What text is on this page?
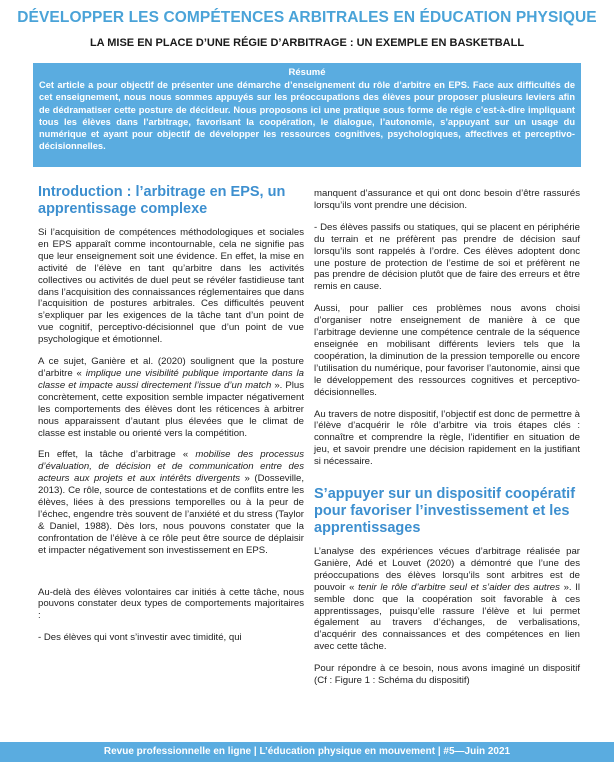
DÉVELOPPER LES COMPÉTENCES ARBITRALES EN ÉDUCATION PHYSIQUE
LA MISE EN PLACE D’UNE RÉGIE D’ARBITRAGE : UN EXEMPLE EN BASKETBALL
Résumé
Cet article a pour objectif de présenter une démarche d’enseignement du rôle d’arbitre en EPS. Face aux difficultés de cet enseignement, nous nous sommes appuyés sur les préoccupations des élèves pour proposer plusieurs leviers afin de dédramatiser cette posture de décideur. Nous proposons ici une pratique sous forme de régie c’est-à-dire impliquant tous les élèves dans l’arbitrage, favorisant la coopération, le dialogue, l’autonomie, s’appuyant sur un usage du numérique et ayant pour objectif de développer les ressources cognitives, psychologiques, affectives et perceptivo-décisionnelles.
Introduction : l’arbitrage en EPS, un apprentissage complexe

Si l’acquisition de compétences méthodologiques et sociales en EPS apparaît comme incontournable, cela ne signifie pas que leur enseignement soit une évidence. En effet, la mise en activité de l’élève en tant qu’arbitre dans les activités collectives ou activités de duel peut se révéler fastidieuse tant dans l’acquisition des connaissances réglementaires que dans l’acquisition de postures arbitrales. Ces difficultés peuvent s’expliquer par les exigences de la tâche tant d’un point de vue cognitif, perceptivo-décisionnel que d’un point de vue psychologique et émotionnel.

A ce sujet, Ganière et al. (2020) soulignent que la posture d’arbitre « implique une visibilité publique importante dans la classe et impacte aussi directement l’issue d’un match ». Plus concrètement, cette exposition semble impacter négativement les comportements des élèves dont les réticences à arbitrer nous apparaissent d’autant plus élevées que le climat de classe est instable ou orienté vers la compétition.

En effet, la tâche d’arbitrage « mobilise des processus d’évaluation, de décision et de communication entre des acteurs aux projets et aux intérêts divergents » (Dosseville, 2013). Ce rôle, source de contestations et de conflits entre les élèves, liées à des pressions temporelles ou à la peur de l’échec, engendre très souvent de l’anxiété et du stress (Taylor & Daniel, 1988). Dès lors, nous pouvons constater que la confrontation de l’élève à ce rôle peut être source de déplaisir et impacter négativement son investissement en EPS.

Au-delà des élèves volontaires car initiés à cette tâche, nous pouvons constater deux types de comportements majoritaires :

- Des élèves qui vont s’investir avec timidité, qui

manquent d’assurance et qui ont donc besoin d’être rassurés lorsqu’ils vont prendre une décision.

- Des élèves passifs ou statiques, qui se placent en périphérie du terrain et ne préfèrent pas prendre de décision sauf lorsqu’ils sont rappelés à l’ordre. Ces élèves adoptent donc une posture de protection de l’estime de soi et préfèrent ne pas prendre de décision plutôt que de faire des erreurs et être remis en cause.

Aussi, pour pallier ces problèmes nous avons choisi d’organiser notre enseignement de manière à ce que l’arbitrage devienne une compétence centrale de la séquence enseignée en mobilisant différents leviers tels que la coopération, la diminution de la pression temporelle ou encore l’utilisation du numérique, pour favoriser l’autonomie, ainsi que le développement des ressources cognitives et perceptivo-décisionnelles.

Au travers de notre dispositif, l’objectif est donc de permettre à l’élève d’acquérir le rôle d’arbitre via trois étapes clés : connaître et comprendre la règle, l’identifier en situation de jeu, et savoir prendre une décision rapidement en la justifiant si nécessaire.

S’appuyer sur un dispositif coopératif pour favoriser l’investissement et les apprentissages

L’analyse des expériences vécues d’arbitrage réalisée par Ganière, Adé et Louvet (2020) a démontré que l’une des préoccupations des élèves lorsqu’ils sont arbitres est de pouvoir « tenir le rôle d’arbitre seul et s’aider des autres ». Il semble donc que la coopération soit favorable à ces apprentissages, puisqu’elle rassure l’élève et lui permet également au travers d’échanges, de verbalisations, d’acquérir des connaissances et des compétences en lien avec cette tâche.

Pour répondre à ce besoin, nous avons imaginé un dispositif (Cf : Figure 1 : Schéma du dispositif)

Revue professionnelle en ligne | L’éducation physique en mouvement | #5—Juin 2021
